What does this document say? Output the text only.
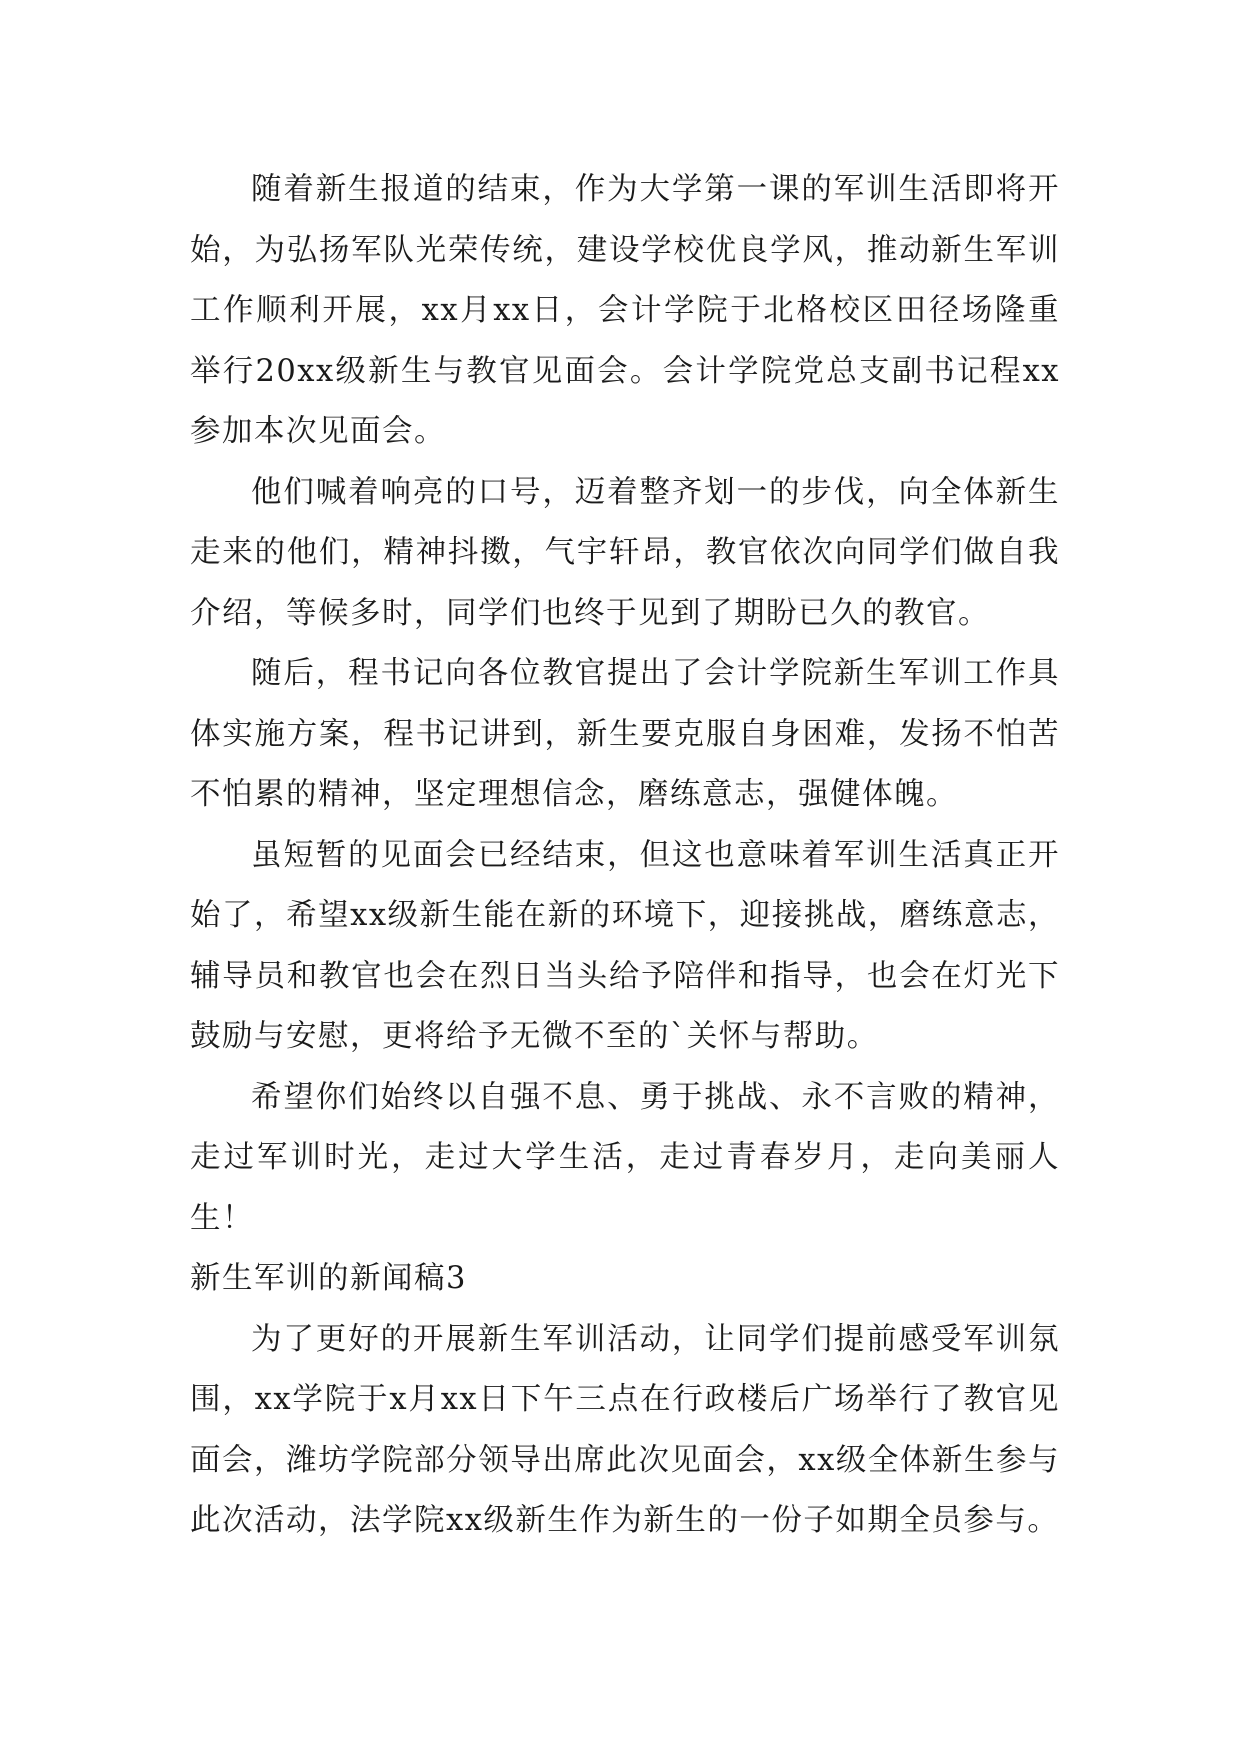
随着新生报道的结束，作为大学第一课的军训生活即将开始，为弘扬军队光荣传统，建设学校优良学风，推动新生军训工作顺利开展，xx月xx日，会计学院于北格校区田径场隆重举行20xx级新生与教官见面会。会计学院党总支副书记程xx参加本次见面会。

他们喊着响亮的口号，迈着整齐划一的步伐，向全体新生走来的他们，精神抖擞，气宇轩昂，教官依次向同学们做自我介绍，等候多时，同学们也终于见到了期盼已久的教官。

随后，程书记向各位教官提出了会计学院新生军训工作具体实施方案，程书记讲到，新生要克服自身困难，发扬不怕苦不怕累的精神，坚定理想信念，磨练意志，强健体魄。

虽短暂的见面会已经结束，但这也意味着军训生活真正开始了，希望xx级新生能在新的环境下，迎接挑战，磨练意志，辅导员和教官也会在烈日当头给予陪伴和指导，也会在灯光下鼓励与安慰，更将给予无微不至的`关怀与帮助。

希望你们始终以自强不息、勇于挑战、永不言败的精神，走过军训时光，走过大学生活，走过青春岁月，走向美丽人生！

新生军训的新闻稿3

为了更好的开展新生军训活动，让同学们提前感受军训氛围，xx学院于x月xx日下午三点在行政楼后广场举行了教官见面会，潍坊学院部分领导出席此次见面会，xx级全体新生参与此次活动，法学院xx级新生作为新生的一份子如期全员参与。
